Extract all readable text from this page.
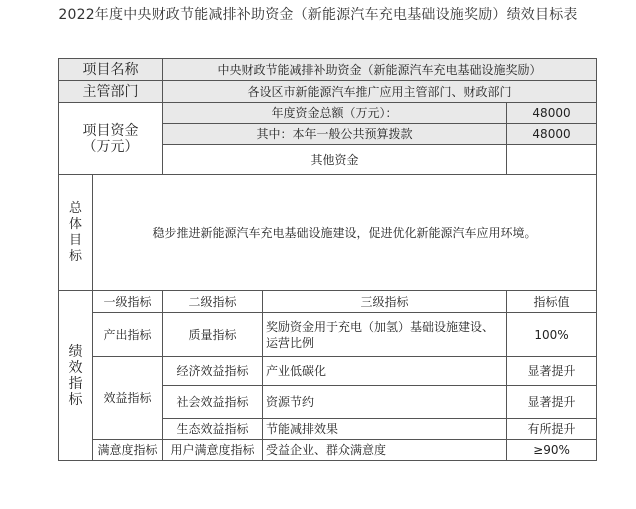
2022年度中央财政节能减排补助资金（新能源汽车充电基础设施奖励）绩效目标表
项目名称		中央财政节能减排补助资金（新能源汽车充电基础设施奖励）		
主管部门		各设区市新能源汽车推广应用主管部门、财政部门		

项目资金
（万元）		年度资金总额（万元）：		48000
		其中：本年一般公共预算拨款		48000
		其他资金		

总
体
目
标	稳步推进新能源汽车充电基础设施建设，促进优化新能源汽车应用环境。			

绩效
指标	一级指标	二级指标	三级指标	指标值
	产出指标	质量指标	奖励资金用于充电（加氢）基础设施建设、运营比例	100%
	效益指标	经济效益指标	产业低碳化	显著提升
		社会效益指标	资源节约	显著提升
		生态效益指标	节能减排效果	有所提升
	满意度指标	用户满意度指标	受益企业、群众满意度	≥90%
